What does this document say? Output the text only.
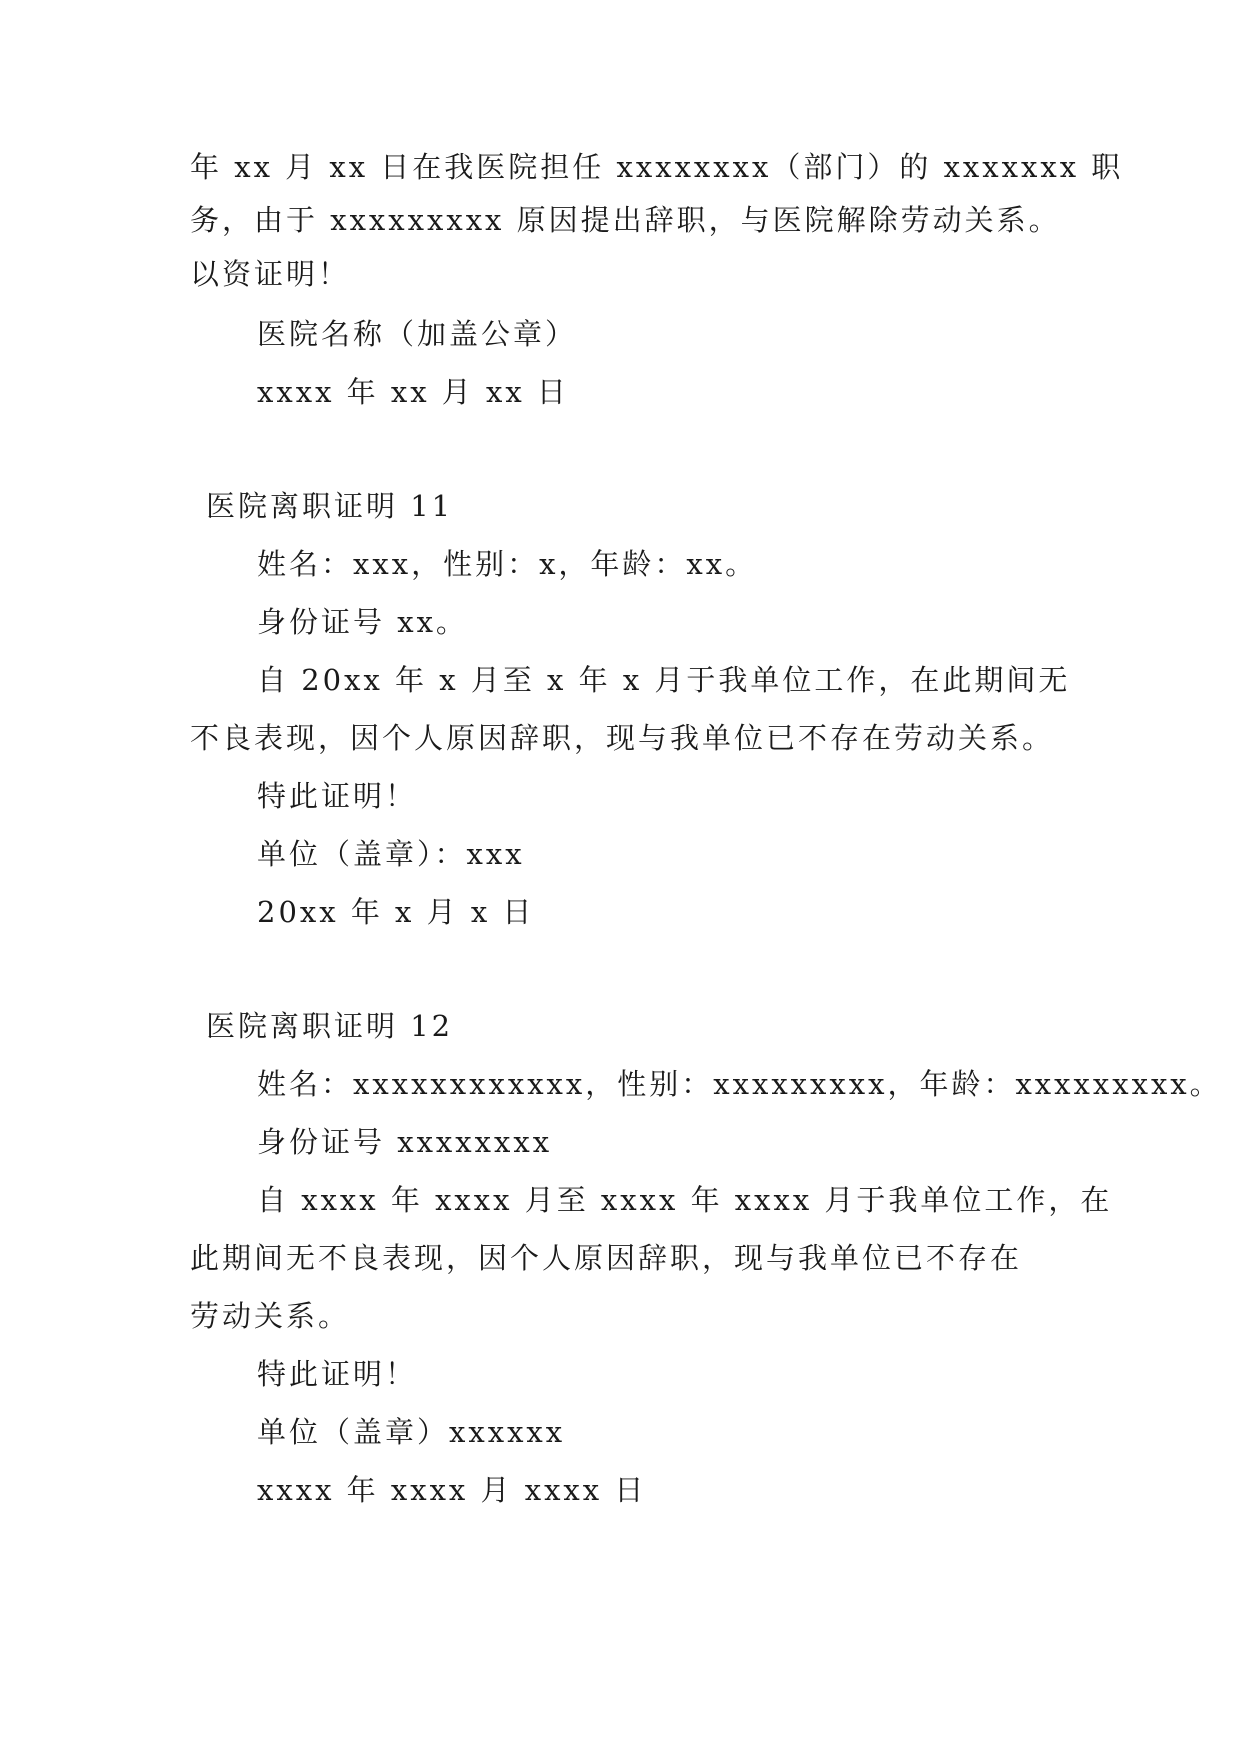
年 xx 月 xx 日在我医院担任 xxxxxxxx（部门）的 xxxxxxx 职
务，由于 xxxxxxxxx 原因提出辞职，与医院解除劳动关系。
以资证明！
医院名称（加盖公章）
xxxx 年 xx 月 xx 日
医院离职证明 11
姓名：xxx，性别：x，年龄：xx。
身份证号 xx。
自 20xx 年 x 月至 x 年 x 月于我单位工作，在此期间无
不良表现，因个人原因辞职，现与我单位已不存在劳动关系。
特此证明！
单位（盖章）：xxx
20xx 年 x 月 x 日
医院离职证明 12
姓名：xxxxxxxxxxxx，性别：xxxxxxxxx，年龄：xxxxxxxxx。
身份证号 xxxxxxxx
自 xxxx 年 xxxx 月至 xxxx 年 xxxx 月于我单位工作，在
此期间无不良表现，因个人原因辞职，现与我单位已不存在
劳动关系。
特此证明！
单位（盖章）xxxxxx
xxxx 年 xxxx 月 xxxx 日
